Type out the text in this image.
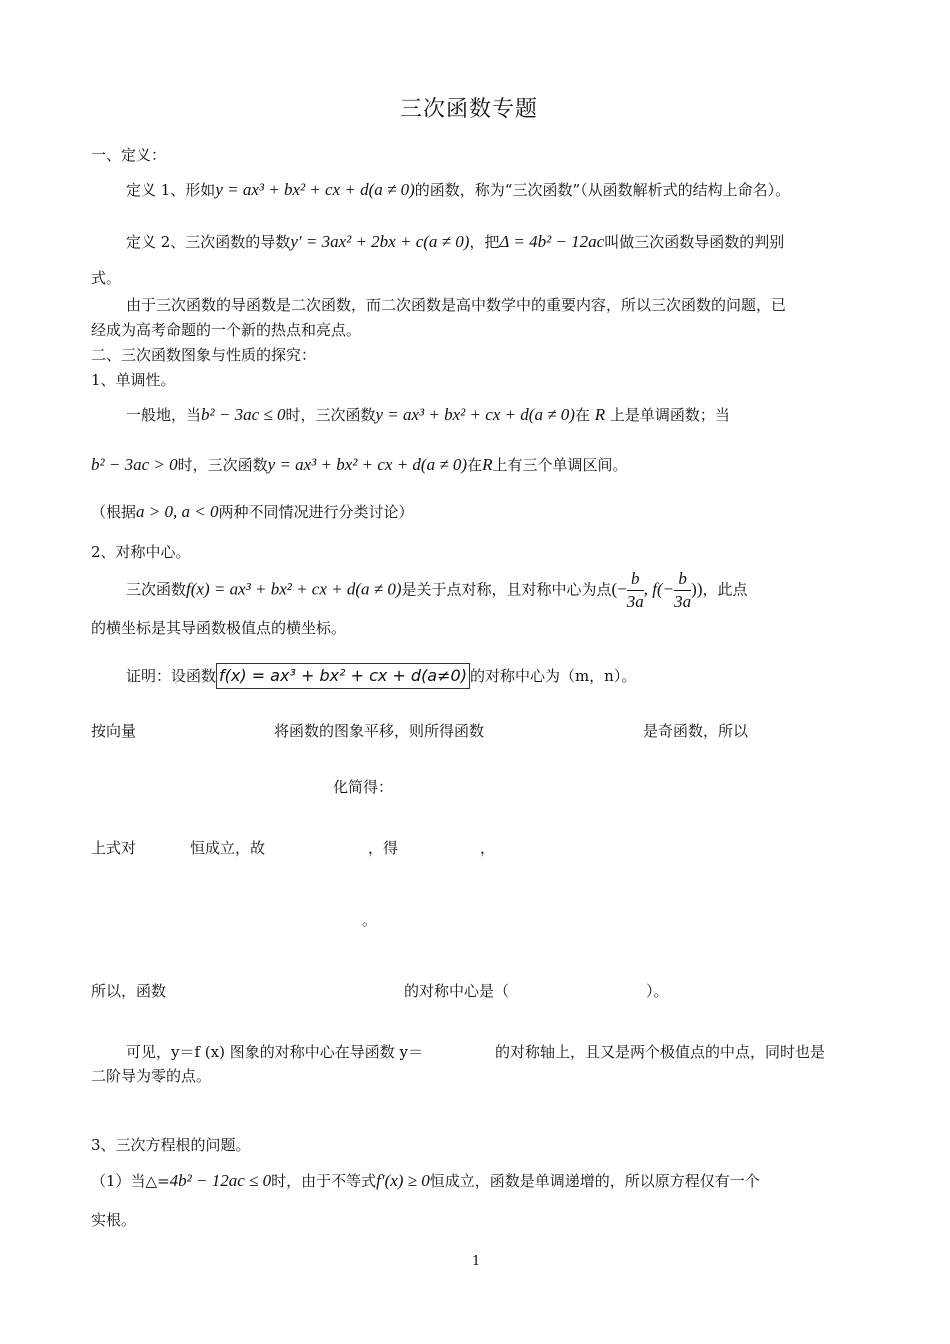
三次函数专题
一、定义：
定义 1、形如y = ax³ + bx² + cx + d(a ≠ 0)的函数，称为“三次函数”（从函数解析式的结构上命名）。
定义 2、三次函数的导数y′ = 3ax² + 2bx + c(a ≠ 0)，把Δ = 4b² − 12ac叫做三次函数导函数的判别
式。
由于三次函数的导函数是二次函数，而二次函数是高中数学中的重要内容，所以三次函数的问题，已
经成为高考命题的一个新的热点和亮点。
二、三次函数图象与性质的探究：
1、单调性。
一般地，当b² − 3ac ≤ 0时，三次函数y = ax³ + bx² + cx + d(a ≠ 0)在 R 上是单调函数；当
b² − 3ac > 0时，三次函数y = ax³ + bx² + cx + d(a ≠ 0)在R上有三个单调区间。
（根据a > 0, a < 0两种不同情况进行分类讨论）
2、对称中心。
三次函数f(x) = ax³ + bx² + cx + d(a ≠ 0)是关于点对称，且对称中心为点(− $\frac{b}{3a}$ , $f(- \frac{b}{3a}$ ))，此点
的横坐标是其导函数极值点的横坐标。
证明：设函数 f(x) = ax³ + bx² + cx + d(a≠0) 的对称中心为（m，n）。
按向量	将函数的图象平移，则所得函数	是奇函数，所以
化简得：
上式对	恒成立，故	，得	，
。
所以，函数	的对称中心是（	）。
可见，y＝f (x) 图象的对称中心在导函数 y＝	的对称轴上，且又是两个极值点的中点，同时也是
二阶导为零的点。
3、三次方程根的问题。
（1）当△=4b² − 12ac ≤ 0时，由于不等式f′(x) ≥ 0恒成立，函数是单调递增的，所以原方程仅有一个
实根。
1
